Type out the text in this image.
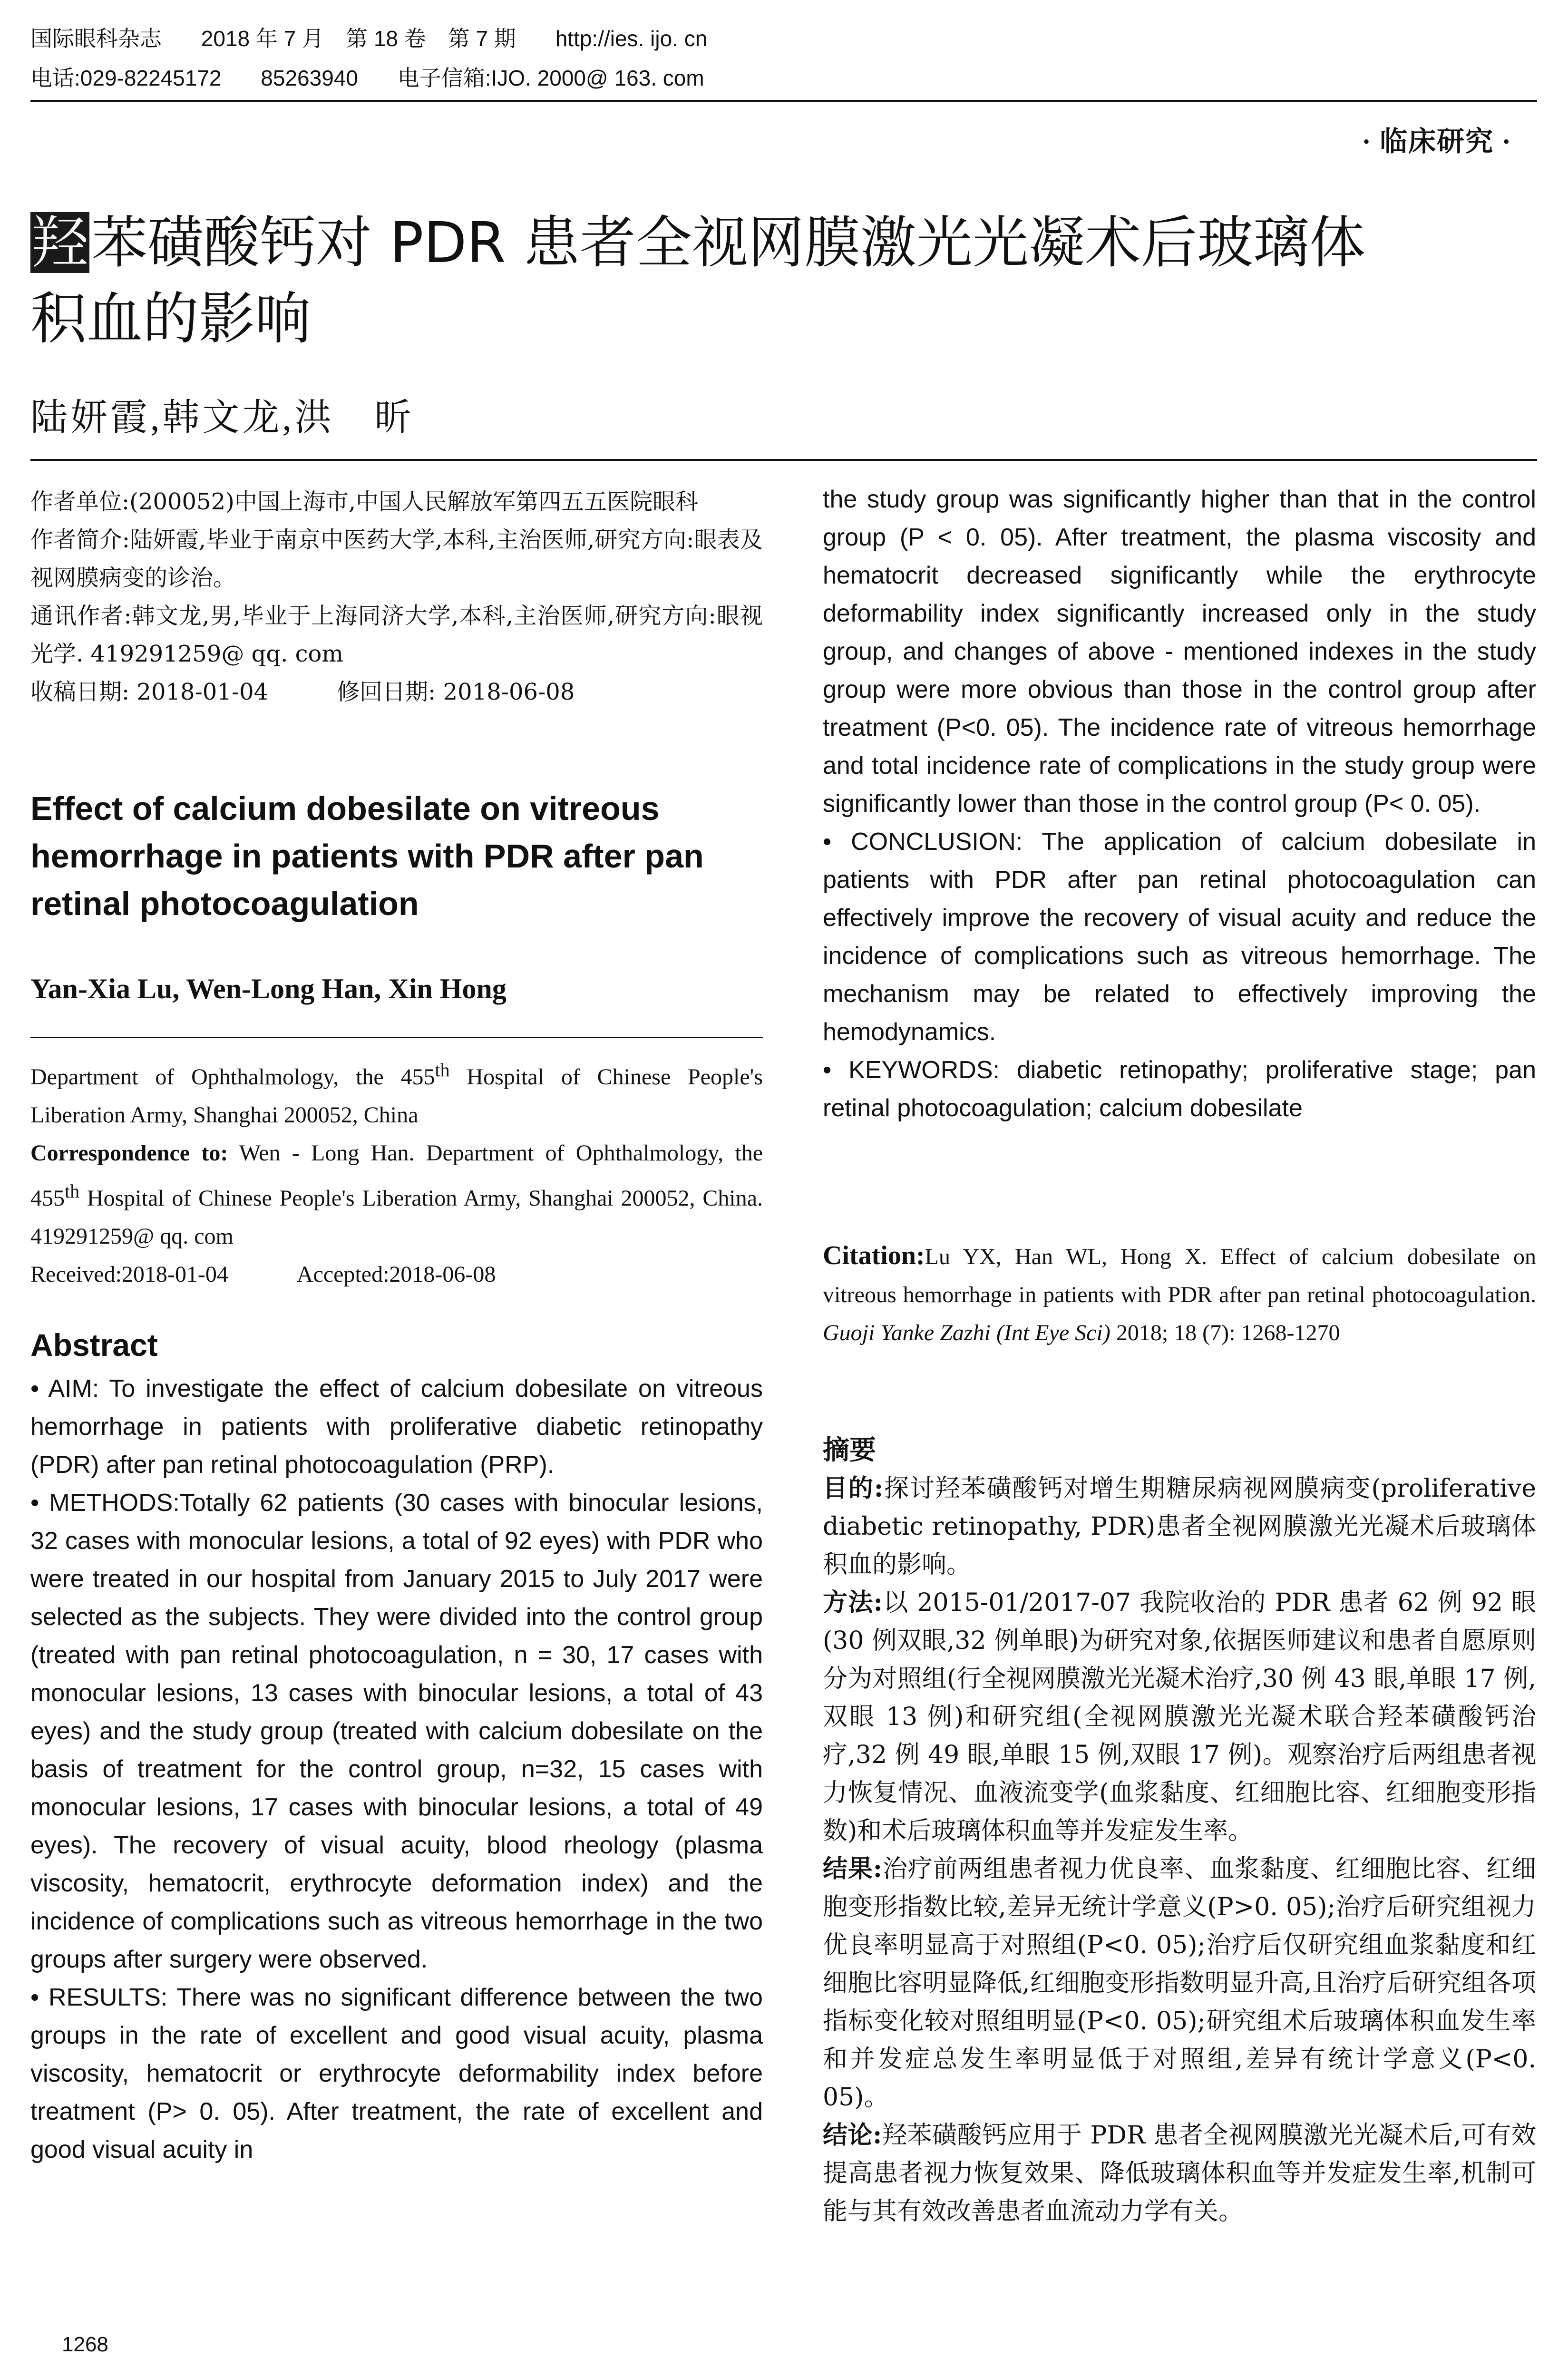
国际眼科杂志 2018 年 7 月　第 18 卷　第 7 期 http://ies. ijo. cn
电话:029-82245172 85263940 电子信箱:IJO. 2000@ 163. com
· 临床研究 ·
羟苯磺酸钙对 PDR 患者全视网膜激光光凝术后玻璃体
积血的影响
陆妍霞,韩文龙,洪　昕

作者单位:(200052)中国上海市,中国人民解放军第四五五医院眼科

作者简介:陆妍霞,毕业于南京中医药大学,本科,主治医师,研究方向:眼表及视网膜病变的诊治。

通讯作者:韩文龙,男,毕业于上海同济大学,本科,主治医师,研究方向:眼视光学. 419291259@ qq. com

收稿日期: 2018-01-04　　　修回日期: 2018-06-08

Effect of calcium dobesilate on vitreous hemorrhage in patients with PDR after pan retinal photocoagulation
Yan-Xia Lu, Wen-Long Han, Xin Hong

Department of Ophthalmology, the 455th Hospital of Chinese People's Liberation Army, Shanghai 200052, China

Correspondence to: Wen - Long Han. Department of Ophthalmology, the 455th Hospital of Chinese People's Liberation Army, Shanghai 200052, China. 419291259@ qq. com

Received:2018-01-04　　　Accepted:2018-06-08

Abstract

• AIM: To investigate the effect of calcium dobesilate on vitreous hemorrhage in patients with proliferative diabetic retinopathy (PDR) after pan retinal photocoagulation (PRP).

• METHODS:Totally 62 patients (30 cases with binocular lesions, 32 cases with monocular lesions, a total of 92 eyes) with PDR who were treated in our hospital from January 2015 to July 2017 were selected as the subjects. They were divided into the control group (treated with pan retinal photocoagulation, n = 30, 17 cases with monocular lesions, 13 cases with binocular lesions, a total of 43 eyes) and the study group (treated with calcium dobesilate on the basis of treatment for the control group, n=32, 15 cases with monocular lesions, 17 cases with binocular lesions, a total of 49 eyes). The recovery of visual acuity, blood rheology (plasma viscosity, hematocrit, erythrocyte deformation index) and the incidence of complications such as vitreous hemorrhage in the two groups after surgery were observed.

• RESULTS: There was no significant difference between the two groups in the rate of excellent and good visual acuity, plasma viscosity, hematocrit or erythrocyte deformability index before treatment (P> 0. 05). After treatment, the rate of excellent and good visual acuity in

1268

the study group was significantly higher than that in the control group (P < 0. 05). After treatment, the plasma viscosity and hematocrit decreased significantly while the erythrocyte deformability index significantly increased only in the study group, and changes of above - mentioned indexes in the study group were more obvious than those in the control group after treatment (P<0. 05). The incidence rate of vitreous hemorrhage and total incidence rate of complications in the study group were significantly lower than those in the control group (P< 0. 05).

• CONCLUSION: The application of calcium dobesilate in patients with PDR after pan retinal photocoagulation can effectively improve the recovery of visual acuity and reduce the incidence of complications such as vitreous hemorrhage. The mechanism may be related to effectively improving the hemodynamics.

• KEYWORDS: diabetic retinopathy; proliferative stage; pan retinal photocoagulation; calcium dobesilate

Citation:Lu YX, Han WL, Hong X. Effect of calcium dobesilate on vitreous hemorrhage in patients with PDR after pan retinal photocoagulation. Guoji Yanke Zazhi (Int Eye Sci) 2018; 18 (7): 1268-1270
摘要

目的:探讨羟苯磺酸钙对增生期糖尿病视网膜病变(proliferative diabetic retinopathy, PDR)患者全视网膜激光光凝术后玻璃体积血的影响。

方法:以 2015-01/2017-07 我院收治的 PDR 患者 62 例 92 眼(30 例双眼,32 例单眼)为研究对象,依据医师建议和患者自愿原则分为对照组(行全视网膜激光光凝术治疗,30 例 43 眼,单眼 17 例,双眼 13 例)和研究组(全视网膜激光光凝术联合羟苯磺酸钙治疗,32 例 49 眼,单眼 15 例,双眼 17 例)。观察治疗后两组患者视力恢复情况、血液流变学(血浆黏度、红细胞比容、红细胞变形指数)和术后玻璃体积血等并发症发生率。

结果:治疗前两组患者视力优良率、血浆黏度、红细胞比容、红细胞变形指数比较,差异无统计学意义(P>0. 05);治疗后研究组视力优良率明显高于对照组(P<0. 05);治疗后仅研究组血浆黏度和红细胞比容明显降低,红细胞变形指数明显升高,且治疗后研究组各项指标变化较对照组明显(P<0. 05);研究组术后玻璃体积血发生率和并发症总发生率明显低于对照组,差异有统计学意义(P<0. 05)。

结论:羟苯磺酸钙应用于 PDR 患者全视网膜激光光凝术后,可有效提高患者视力恢复效果、降低玻璃体积血等并发症发生率,机制可能与其有效改善患者血流动力学有关。
